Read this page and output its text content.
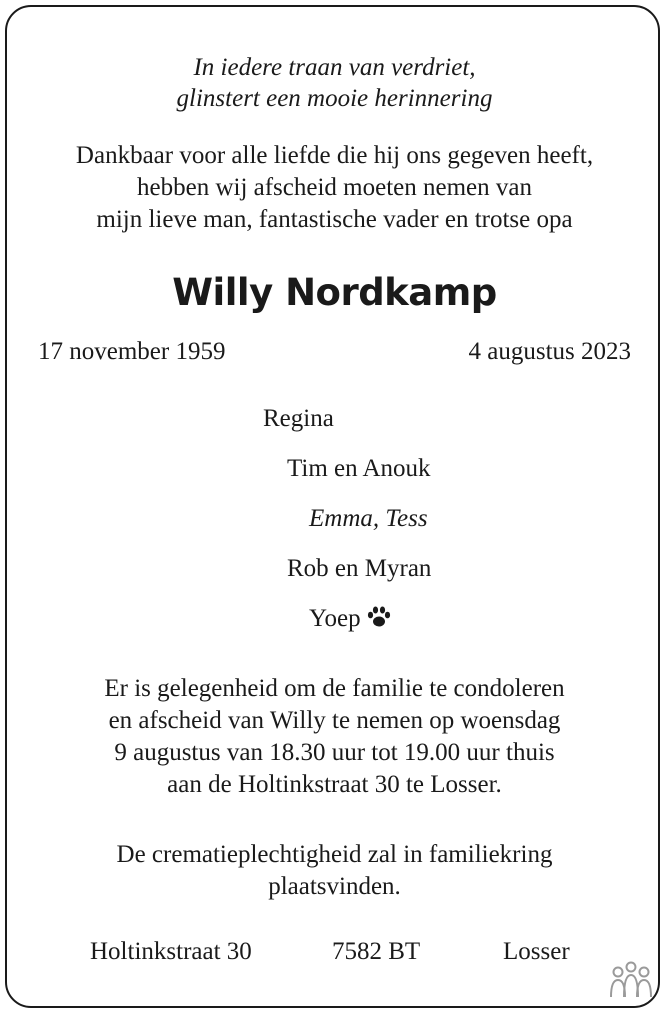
In iedere traan van verdriet,
glinstert een mooie herinnering
Dankbaar voor alle liefde die hij ons gegeven heeft,
hebben wij afscheid moeten nemen van
mijn lieve man, fantastische vader en trotse opa
Willy Nordkamp
17 november 1959	4 augustus 2023
Regina
Tim en Anouk
Emma, Tess
Rob en Myran
Yoep
Er is gelegenheid om de familie te condoleren
en afscheid van Willy te nemen op woensdag
9 augustus van 18.30 uur tot 19.00 uur thuis
aan de Holtinkstraat 30 te Losser.
De crematieplechtigheid zal in familiekring
plaatsvinden.
Holtinkstraat 30	7582 BT	Losser
